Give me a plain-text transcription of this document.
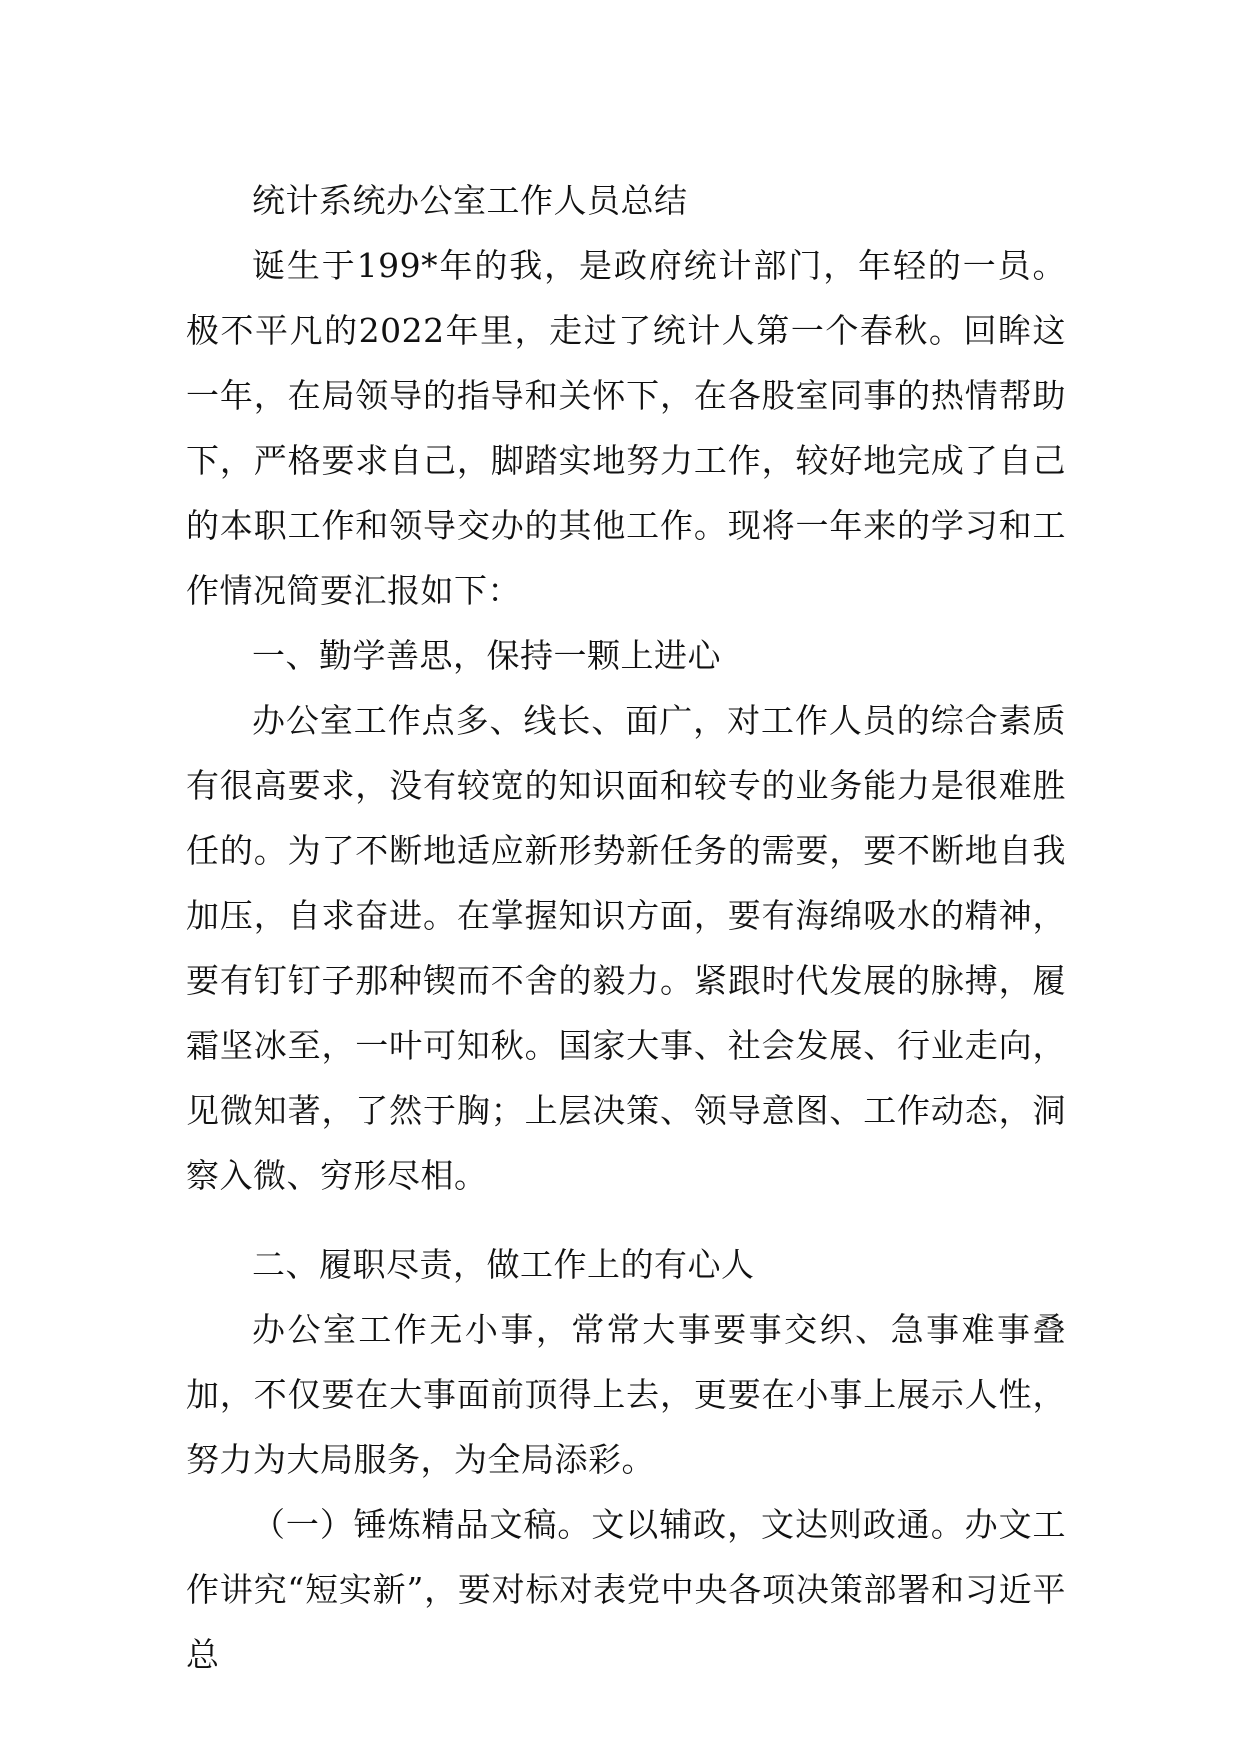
统计系统办公室工作人员总结

诞生于199*年的我，是政府统计部门，年轻的一员。极不平凡的2022年里，走过了统计人第一个春秋。回眸这一年，在局领导的指导和关怀下，在各股室同事的热情帮助下，严格要求自己，脚踏实地努力工作，较好地完成了自己的本职工作和领导交办的其他工作。现将一年来的学习和工作情况简要汇报如下：

一、勤学善思，保持一颗上进心

办公室工作点多、线长、面广，对工作人员的综合素质有很高要求，没有较宽的知识面和较专的业务能力是很难胜任的。为了不断地适应新形势新任务的需要，要不断地自我加压，自求奋进。在掌握知识方面，要有海绵吸水的精神，要有钉钉子那种锲而不舍的毅力。紧跟时代发展的脉搏，履霜坚冰至，一叶可知秋。国家大事、社会发展、行业走向，见微知著，了然于胸；上层决策、领导意图、工作动态，洞察入微、穷形尽相。

二、履职尽责，做工作上的有心人

办公室工作无小事，常常大事要事交织、急事难事叠加，不仅要在大事面前顶得上去，更要在小事上展示人性，努力为大局服务，为全局添彩。

（一）锤炼精品文稿。文以辅政，文达则政通。办文工作讲究“短实新”，要对标对表党中央各项决策部署和习近平总
